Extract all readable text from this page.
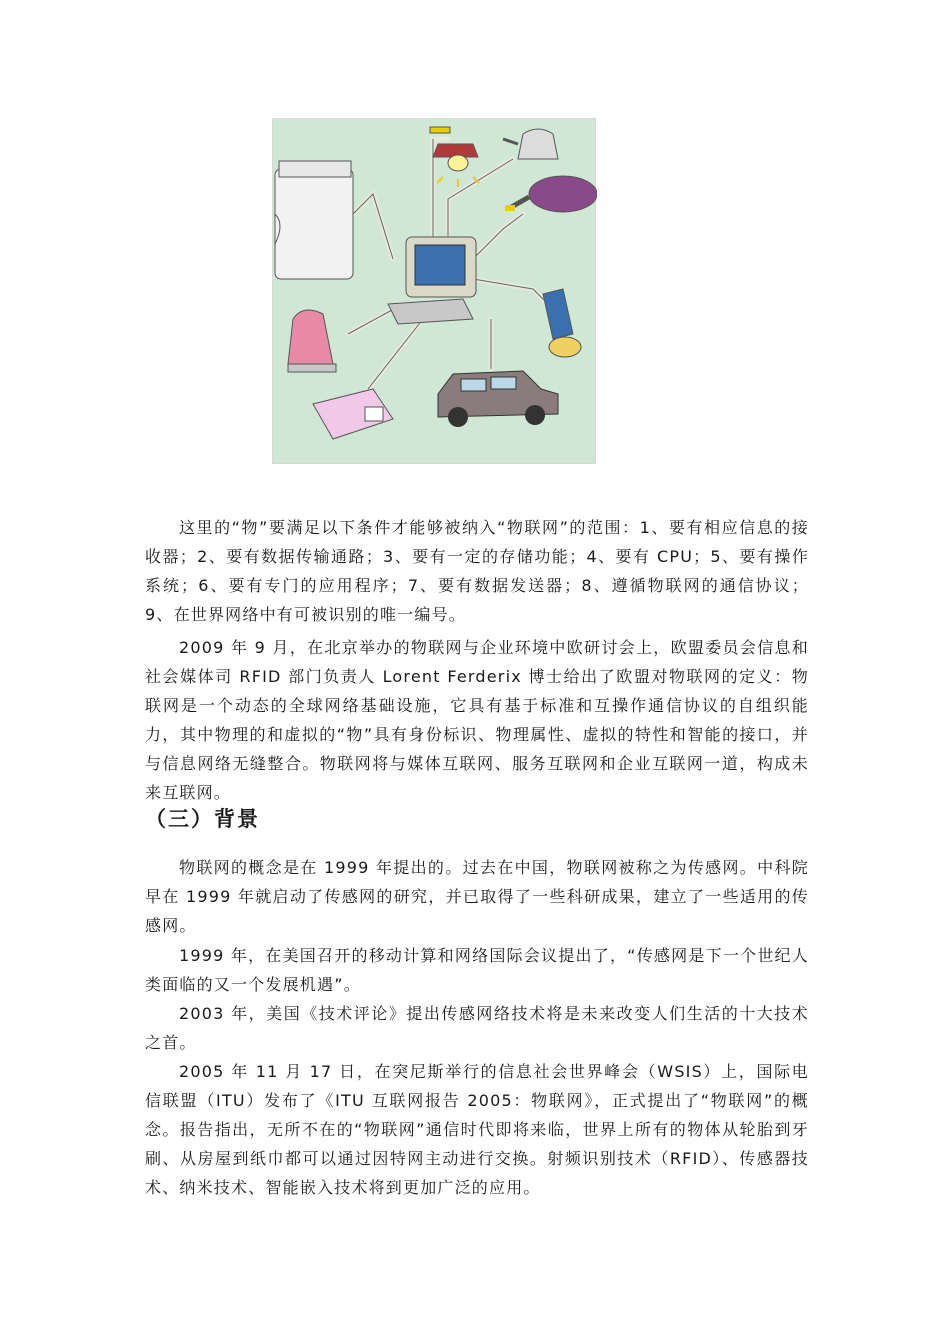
这里的“物”要满足以下条件才能够被纳入“物联网”的范围：1、要有相应信息的接收器；2、要有数据传输通路；3、要有一定的存储功能；4、要有 CPU；5、要有操作系统；6、要有专门的应用程序；7、要有数据发送器；8、遵循物联网的通信协议；9、在世界网络中有可被识别的唯一编号。

2009 年 9 月，在北京举办的物联网与企业环境中欧研讨会上，欧盟委员会信息和社会媒体司 RFID 部门负责人 Lorent Ferderix 博士给出了欧盟对物联网的定义：物联网是一个动态的全球网络基础设施，它具有基于标准和互操作通信协议的自组织能力，其中物理的和虚拟的“物”具有身份标识、物理属性、虚拟的特性和智能的接口，并与信息网络无缝整合。物联网将与媒体互联网、服务互联网和企业互联网一道，构成未来互联网。

（三）背景

物联网的概念是在 1999 年提出的。过去在中国，物联网被称之为传感网。中科院早在 1999 年就启动了传感网的研究，并已取得了一些科研成果，建立了一些适用的传感网。

1999 年，在美国召开的移动计算和网络国际会议提出了，“传感网是下一个世纪人类面临的又一个发展机遇”。

2003 年，美国《技术评论》提出传感网络技术将是未来改变人们生活的十大技术之首。

2005 年 11 月 17 日，在突尼斯举行的信息社会世界峰会（WSIS）上，国际电信联盟（ITU）发布了《ITU 互联网报告 2005：物联网》，正式提出了“物联网”的概念。报告指出，无所不在的“物联网”通信时代即将来临，世界上所有的物体从轮胎到牙刷、从房屋到纸巾都可以通过因特网主动进行交换。射频识别技术（RFID）、传感器技术、纳米技术、智能嵌入技术将到更加广泛的应用。
